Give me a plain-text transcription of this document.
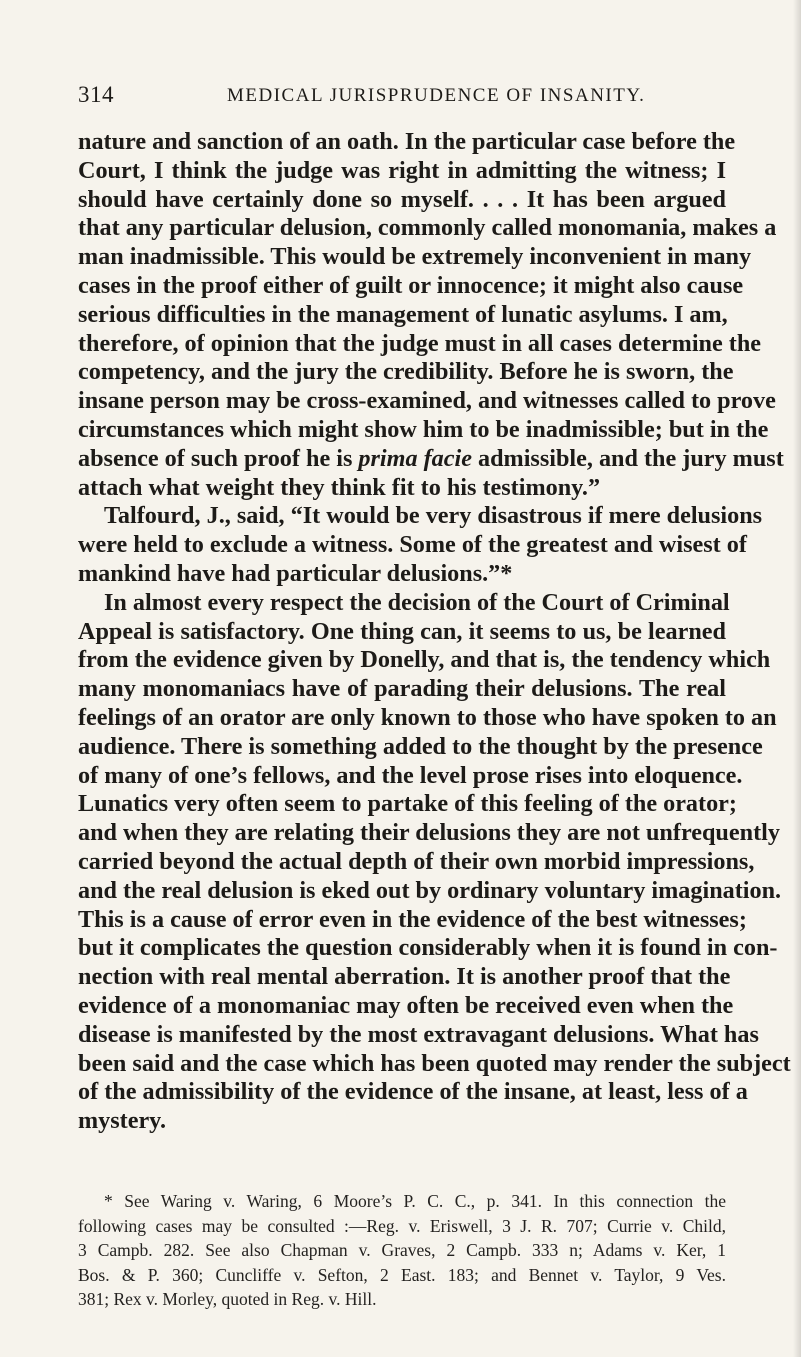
314	MEDICAL JURISPRUDENCE OF INSANITY.
nature and sanction of an oath. In the particular case before the
Court, I think the judge was right in admitting the witness; I
should have certainly done so myself. . . . It has been argued
that any particular delusion, commonly called monomania, makes a
man inadmissible. This would be extremely inconvenient in many
cases in the proof either of guilt or innocence; it might also cause
serious difficulties in the management of lunatic asylums. I am,
therefore, of opinion that the judge must in all cases determine the
competency, and the jury the credibility. Before he is sworn, the
insane person may be cross-examined, and witnesses called to prove
circumstances which might show him to be inadmissible; but in the
absence of such proof he is prima facie admissible, and the jury must
attach what weight they think fit to his testimony.”
Talfourd, J., said, “It would be very disastrous if mere delusions
were held to exclude a witness. Some of the greatest and wisest of
mankind have had particular delusions.”*
In almost every respect the decision of the Court of Criminal
Appeal is satisfactory. One thing can, it seems to us, be learned
from the evidence given by Donelly, and that is, the tendency which
many monomaniacs have of parading their delusions. The real
feelings of an orator are only known to those who have spoken to an
audience. There is something added to the thought by the presence
of many of one’s fellows, and the level prose rises into eloquence.
Lunatics very often seem to partake of this feeling of the orator;
and when they are relating their delusions they are not unfrequently
carried beyond the actual depth of their own morbid impressions,
and the real delusion is eked out by ordinary voluntary imagination.
This is a cause of error even in the evidence of the best witnesses;
but it complicates the question considerably when it is found in con-
nection with real mental aberration. It is another proof that the
evidence of a monomaniac may often be received even when the
disease is manifested by the most extravagant delusions. What has
been said and the case which has been quoted may render the subject
of the admissibility of the evidence of the insane, at least, less of a
mystery.
* See Waring v. Waring, 6 Moore’s P. C. C., p. 341. In this connection the
following cases may be consulted :—Reg. v. Eriswell, 3 J. R. 707; Currie v. Child,
3 Campb. 282. See also Chapman v. Graves, 2 Campb. 333 n; Adams v. Ker, 1
Bos. & P. 360; Cuncliffe v. Sefton, 2 East. 183; and Bennet v. Taylor, 9 Ves.
381; Rex v. Morley, quoted in Reg. v. Hill.
